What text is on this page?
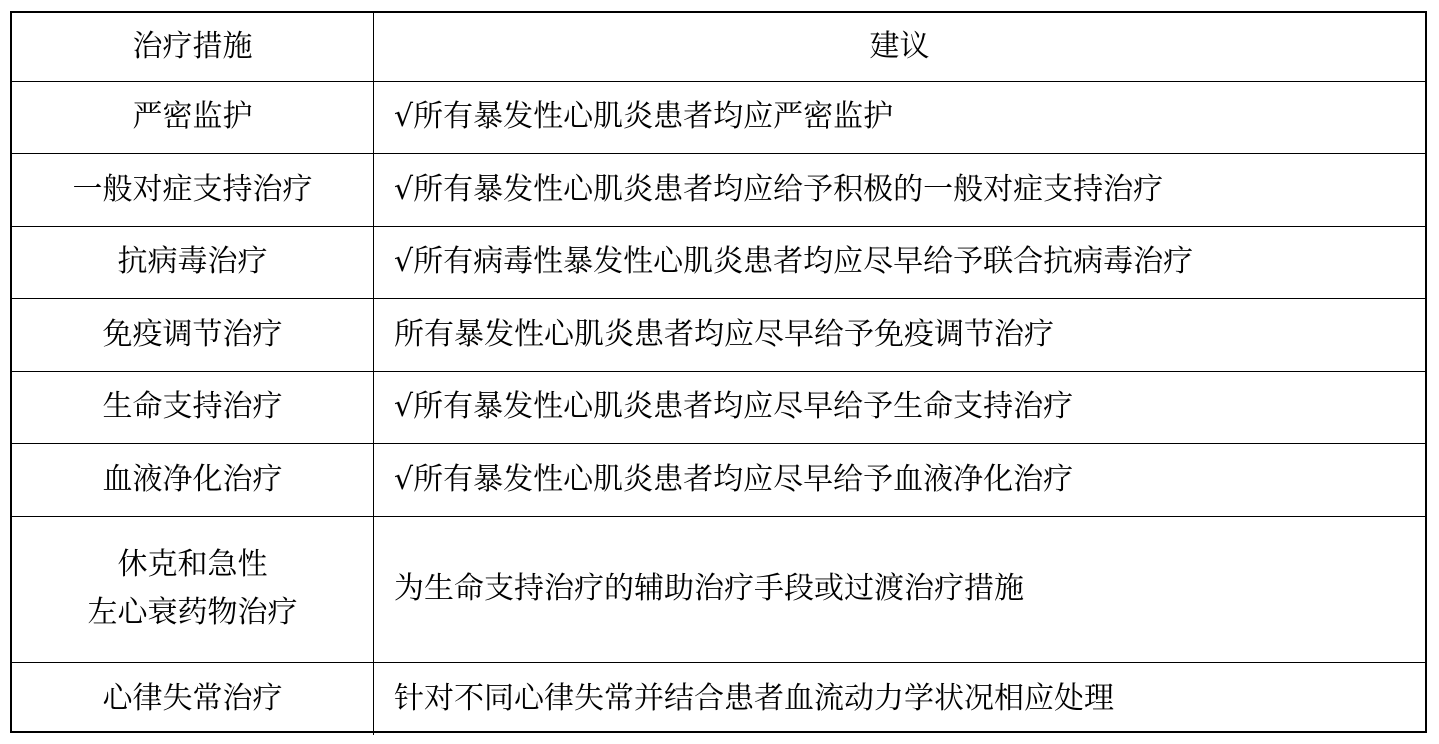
治疗措施	建议

严密监护	√所有暴发性心肌炎患者均应严密监护

一般对症支持治疗	√所有暴发性心肌炎患者均应给予积极的一般对症支持治疗

抗病毒治疗	√所有病毒性暴发性心肌炎患者均应尽早给予联合抗病毒治疗

免疫调节治疗	所有暴发性心肌炎患者均应尽早给予免疫调节治疗

生命支持治疗	√所有暴发性心肌炎患者均应尽早给予生命支持治疗

血液净化治疗	√所有暴发性心肌炎患者均应尽早给予血液净化治疗

休克和急性
左心衰药物治疗	为生命支持治疗的辅助治疗手段或过渡治疗措施

心律失常治疗	针对不同心律失常并结合患者血流动力学状况相应处理
